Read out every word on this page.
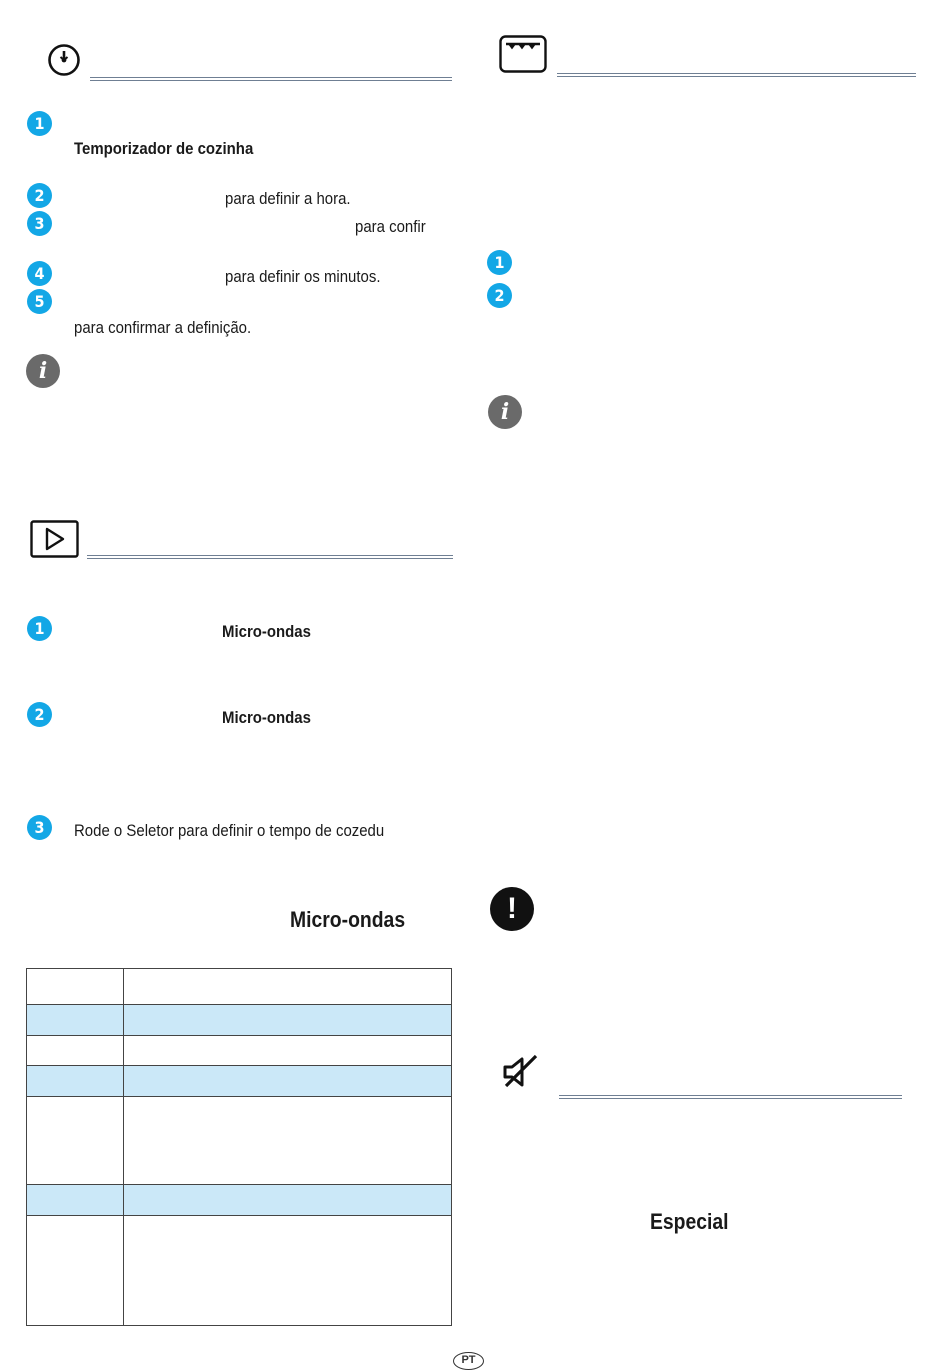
1
Temporizador de cozinha
2	para definir a hora.
3	para confir
4	para definir os minutos.
5
para confirmar a definição.
i
1	Micro-ondas
2	Micro-ondas
3	Rode o Seletor para definir o tempo de cozedu
Micro-ondas

1
2
i
!
Especial
PT
